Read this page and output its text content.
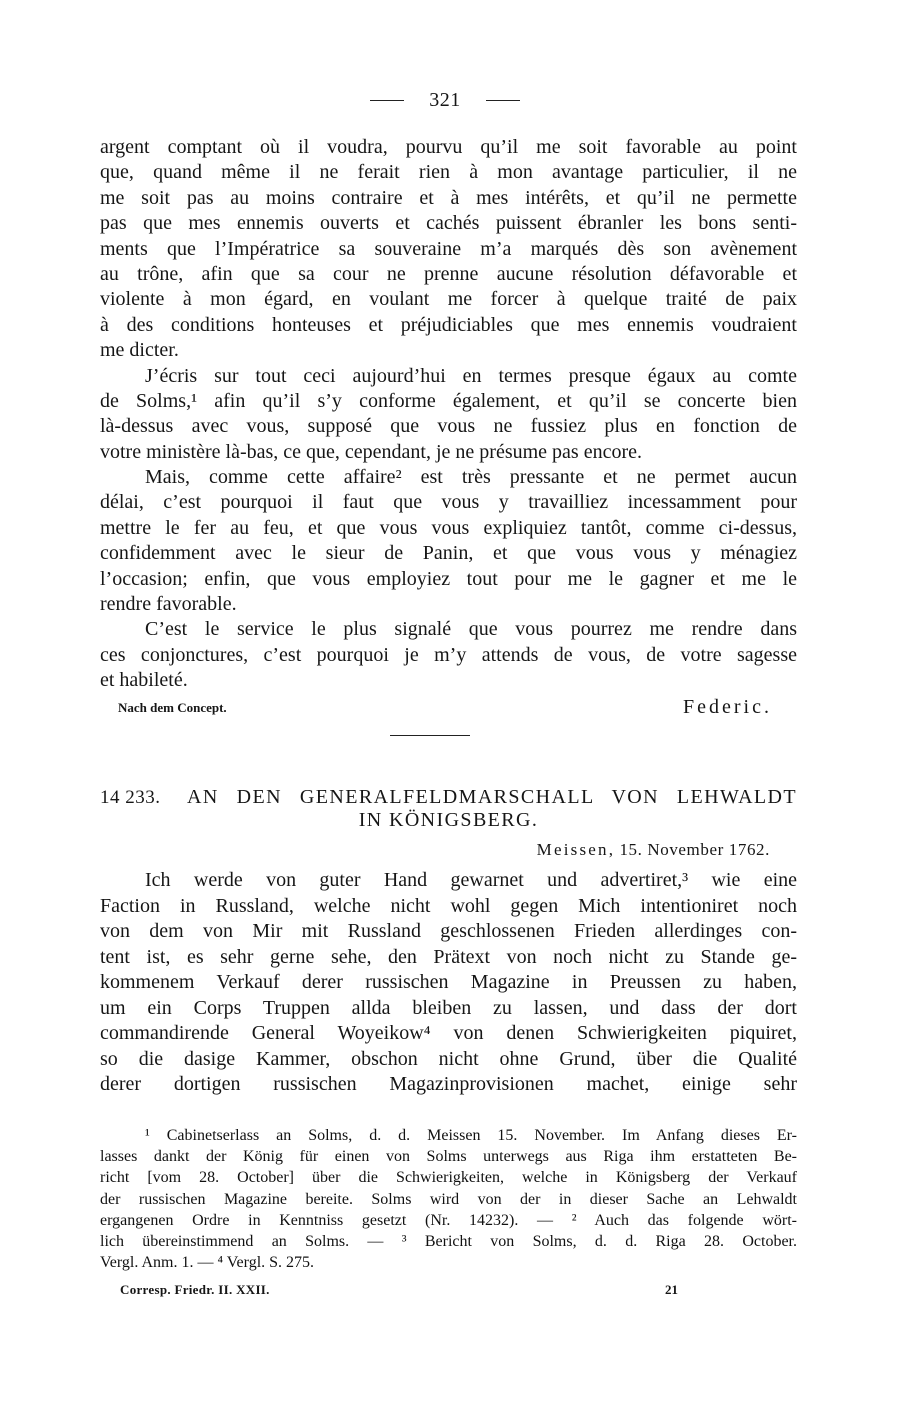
321
argent comptant où il voudra, pourvu qu’il me soit favorable au point
que, quand même il ne ferait rien à mon avantage particulier, il ne
me soit pas au moins contraire et à mes intérêts, et qu’il ne permette
pas que mes ennemis ouverts et cachés puissent ébranler les bons senti-
ments que l’Impératrice sa souveraine m’a marqués dès son avènement
au trône, afin que sa cour ne prenne aucune résolution défavorable et
violente à mon égard, en voulant me forcer à quelque traité de paix
à des conditions honteuses et préjudiciables que mes ennemis voudraient
me dicter.
J’écris sur tout ceci aujourd’hui en termes presque égaux au comte
de Solms,¹ afin qu’il s’y conforme également, et qu’il se concerte bien
là-dessus avec vous, supposé que vous ne fussiez plus en fonction de
votre ministère là-bas, ce que, cependant, je ne présume pas encore.
Mais, comme cette affaire² est très pressante et ne permet aucun
délai, c’est pourquoi il faut que vous y travailliez incessamment pour
mettre le fer au feu, et que vous vous expliquiez tantôt, comme ci-dessus,
confidemment avec le sieur de Panin, et que vous vous y ménagiez
l’occasion; enfin, que vous employiez tout pour me le gagner et me le
rendre favorable.
C’est le service le plus signalé que vous pourrez me rendre dans
ces conjonctures, c’est pourquoi je m’y attends de vous, de votre sagesse
et habileté.
Nach dem Concept.	Federic.
14 233. AN DEN GENERALFELDMARSCHALL VON LEHWALDT
IN KÖNIGSBERG.
Meissen, 15. November 1762.
Ich werde von guter Hand gewarnet und advertiret,³ wie eine
Faction in Russland, welche nicht wohl gegen Mich intentioniret noch
von dem von Mir mit Russland geschlossenen Frieden allerdinges con-
tent ist, es sehr gerne sehe, den Prätext von noch nicht zu Stande ge-
kommenem Verkauf derer russischen Magazine in Preussen zu haben,
um ein Corps Truppen allda bleiben zu lassen, und dass der dort
commandirende General Woyeikow⁴ von denen Schwierigkeiten piquiret,
so die dasige Kammer, obschon nicht ohne Grund, über die Qualité
derer dortigen russischen Magazinprovisionen machet, einige sehr
¹ Cabinetserlass an Solms, d. d. Meissen 15. November. Im Anfang dieses Er-
lasses dankt der König für einen von Solms unterwegs aus Riga ihm erstatteten Be-
richt [vom 28. October] über die Schwierigkeiten, welche in Königsberg der Verkauf
der russischen Magazine bereite. Solms wird von der in dieser Sache an Lehwaldt
ergangenen Ordre in Kenntniss gesetzt (Nr. 14232). — ² Auch das folgende wört-
lich übereinstimmend an Solms. — ³ Bericht von Solms, d. d. Riga 28. October.
Vergl. Anm. 1. — ⁴ Vergl. S. 275.
Corresp. Friedr. II. XXII.	21
